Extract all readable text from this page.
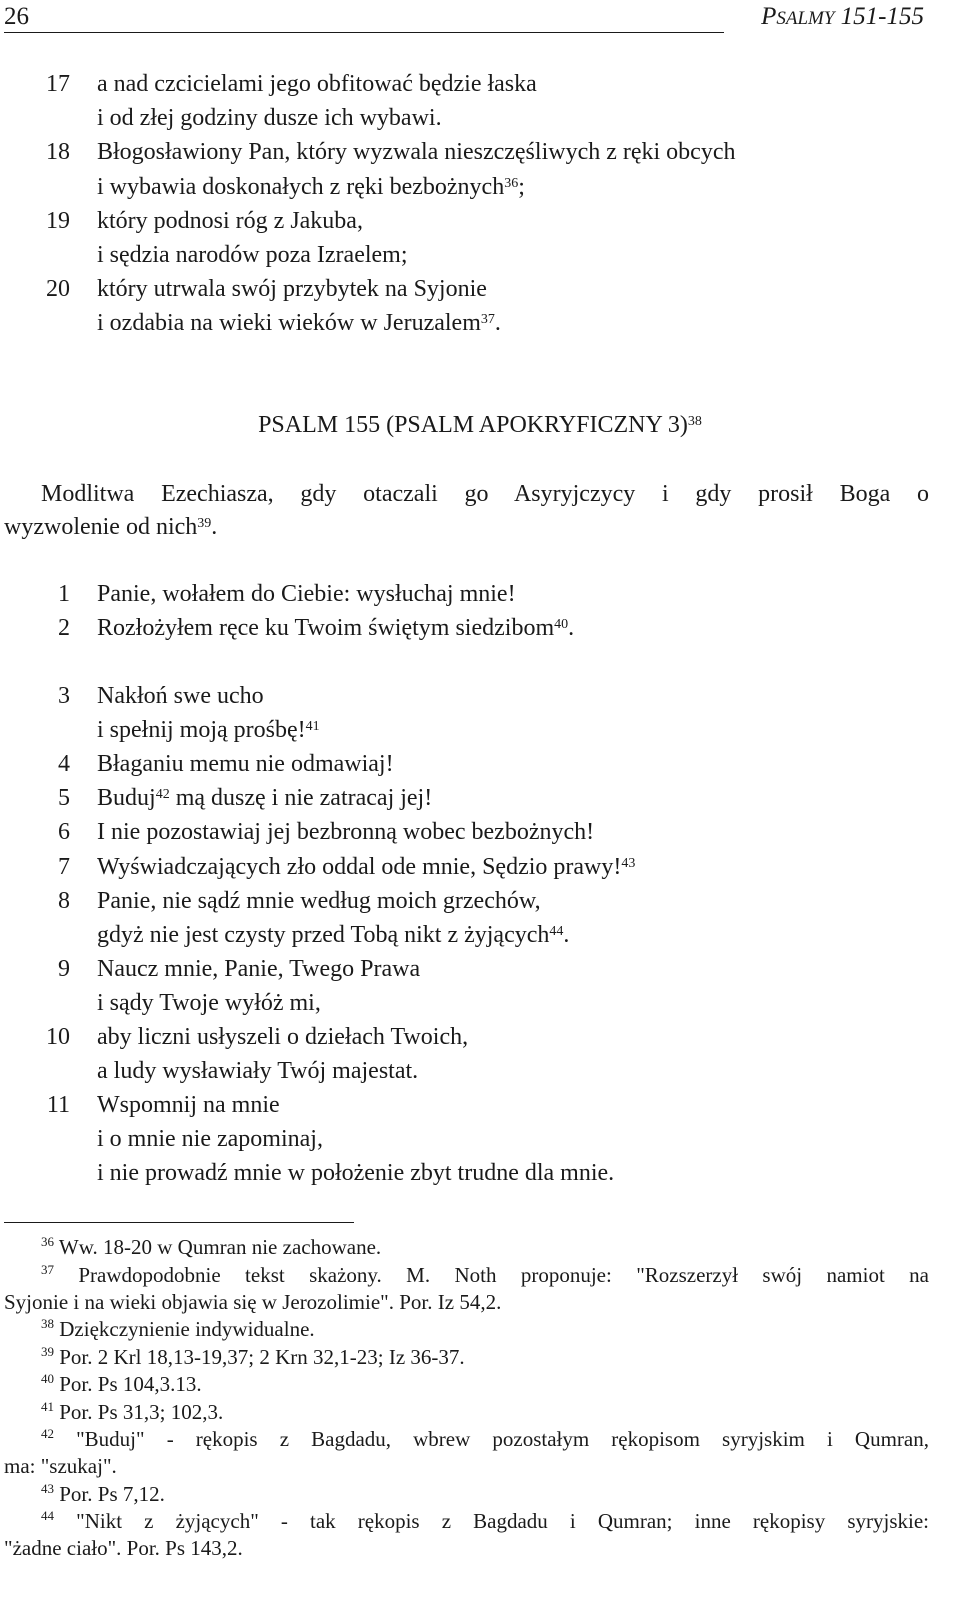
26	PSALMY 151-155
17 a nad czcicielami jego obfitować będzie łaska
i od złej godziny dusze ich wybawi.
18 Błogosławiony Pan, który wyzwala nieszczęśliwych z ręki obcych
i wybawia doskonałych z ręki bezbożnych$^{36}$;
19 który podnosi róg z Jakuba,
i sędzia narodów poza Izraelem;
20 który utrwala swój przybytek na Syjonie
i ozdabia na wieki wieków w Jeruzalem$^{37}$.
PSALM 155 (PSALM APOKRYFICZNY 3)$^{38}$
Modlitwa Ezechiasza, gdy otaczali go Asyryjczycy i gdy prosił Boga o
wyzwolenie od nich$^{39}$.
1 Panie, wołałem do Ciebie: wysłuchaj mnie!
2 Rozłożyłem ręce ku Twoim świętym siedzibom$^{40}$.
3 Nakłoń swe ucho
i spełnij moją prośbę!$^{41}$
4 Błaganiu memu nie odmawiaj!
5 Buduj$^{42}$ mą duszę i nie zatracaj jej!
6 I nie pozostawiaj jej bezbronną wobec bezbożnych!
7 Wyświadczających zło oddal ode mnie, Sędzio prawy!$^{43}$
8 Panie, nie sądź mnie według moich grzechów,
gdyż nie jest czysty przed Tobą nikt z żyjących$^{44}$.
9 Naucz mnie, Panie, Twego Prawa
i sądy Twoje wyłóż mi,
10 aby liczni usłyszeli o dziełach Twoich,
a ludy wysławiały Twój majestat.
11 Wspomnij na mnie
i o mnie nie zapominaj,
i nie prowadź mnie w położenie zbyt trudne dla mnie.
$^{36}$ Ww. 18-20 w Qumran nie zachowane.
$^{37}$ Prawdopodobnie tekst skażony. M. Noth proponuje: "Rozszerzył swój namiot na
Syjonie i na wieki objawia się w Jerozolimie". Por. Iz 54,2.
$^{38}$ Dziękczynienie indywidualne.
$^{39}$ Por. 2 Krl 18,13-19,37; 2 Krn 32,1-23; Iz 36-37.
$^{40}$ Por. Ps 104,3.13.
$^{41}$ Por. Ps 31,3; 102,3.
$^{42}$ "Buduj" - rękopis z Bagdadu, wbrew pozostałym rękopisom syryjskim i Qumran,
ma: "szukaj".
$^{43}$ Por. Ps 7,12.
$^{44}$ "Nikt z żyjących" - tak rękopis z Bagdadu i Qumran; inne rękopisy syryjskie:
"żadne ciało". Por. Ps 143,2.
